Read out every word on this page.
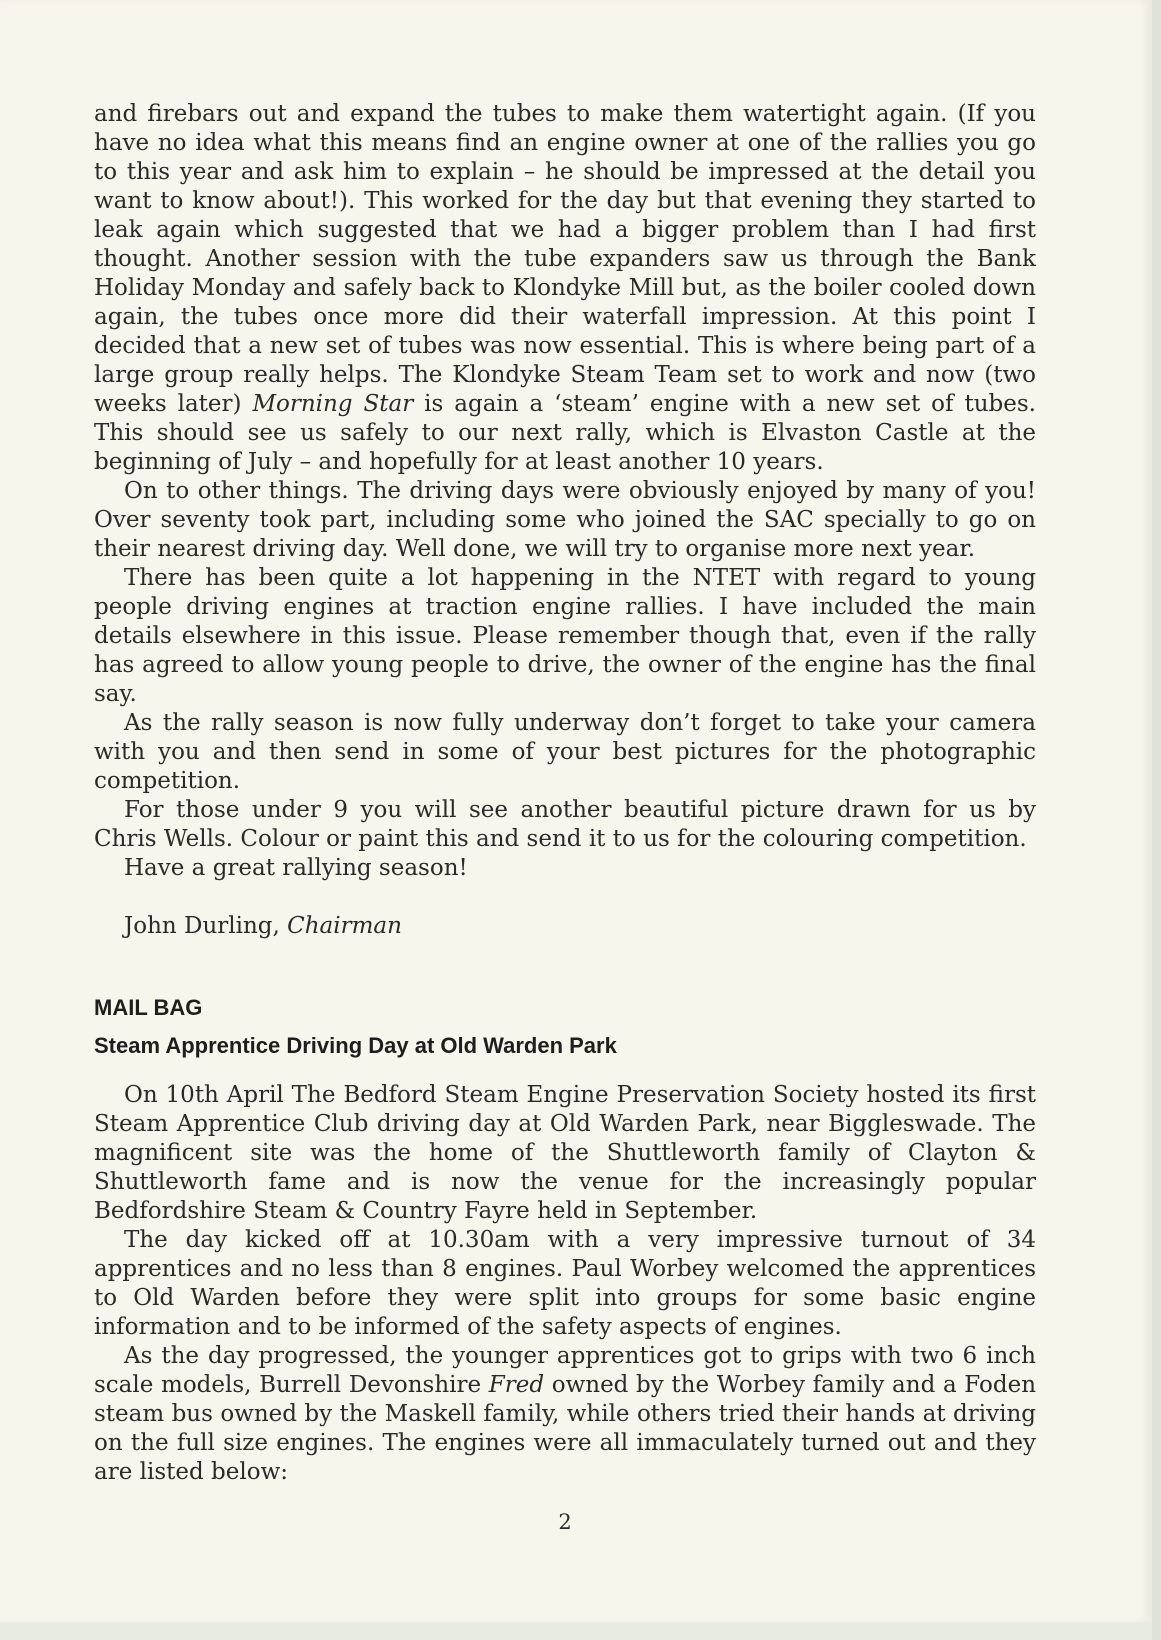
and firebars out and expand the tubes to make them watertight again. (If you have no idea what this means find an engine owner at one of the rallies you go to this year and ask him to explain – he should be impressed at the detail you want to know about!). This worked for the day but that evening they started to leak again which suggested that we had a bigger problem than I had first thought. Another session with the tube expanders saw us through the Bank Holiday Monday and safely back to Klondyke Mill but, as the boiler cooled down again, the tubes once more did their waterfall impression. At this point I decided that a new set of tubes was now essential. This is where being part of a large group really helps. The Klondyke Steam Team set to work and now (two weeks later) Morning Star is again a ‘steam’ engine with a new set of tubes. This should see us safely to our next rally, which is Elvaston Castle at the beginning of July – and hopefully for at least another 10 years.

On to other things. The driving days were obviously enjoyed by many of you! Over seventy took part, including some who joined the SAC specially to go on their nearest driving day. Well done, we will try to organise more next year.

There has been quite a lot happening in the NTET with regard to young people driving engines at traction engine rallies. I have included the main details elsewhere in this issue. Please remember though that, even if the rally has agreed to allow young people to drive, the owner of the engine has the final say.

As the rally season is now fully underway don’t forget to take your camera with you and then send in some of your best pictures for the photographic competition.

For those under 9 you will see another beautiful picture drawn for us by Chris Wells. Colour or paint this and send it to us for the colouring competition.

Have a great rallying season!

John Durling, Chairman

MAIL BAG
Steam Apprentice Driving Day at Old Warden Park

On 10th April The Bedford Steam Engine Preservation Society hosted its first Steam Apprentice Club driving day at Old Warden Park, near Biggleswade. The magnificent site was the home of the Shuttleworth family of Clayton & Shuttleworth fame and is now the venue for the increasingly popular Bedfordshire Steam & Country Fayre held in September.

The day kicked off at 10.30am with a very impressive turnout of 34 apprentices and no less than 8 engines. Paul Worbey welcomed the apprentices to Old Warden before they were split into groups for some basic engine information and to be informed of the safety aspects of engines.

As the day progressed, the younger apprentices got to grips with two 6 inch scale models, Burrell Devonshire Fred owned by the Worbey family and a Foden steam bus owned by the Maskell family, while others tried their hands at driving on the full size engines. The engines were all immaculately turned out and they are listed below:

2
